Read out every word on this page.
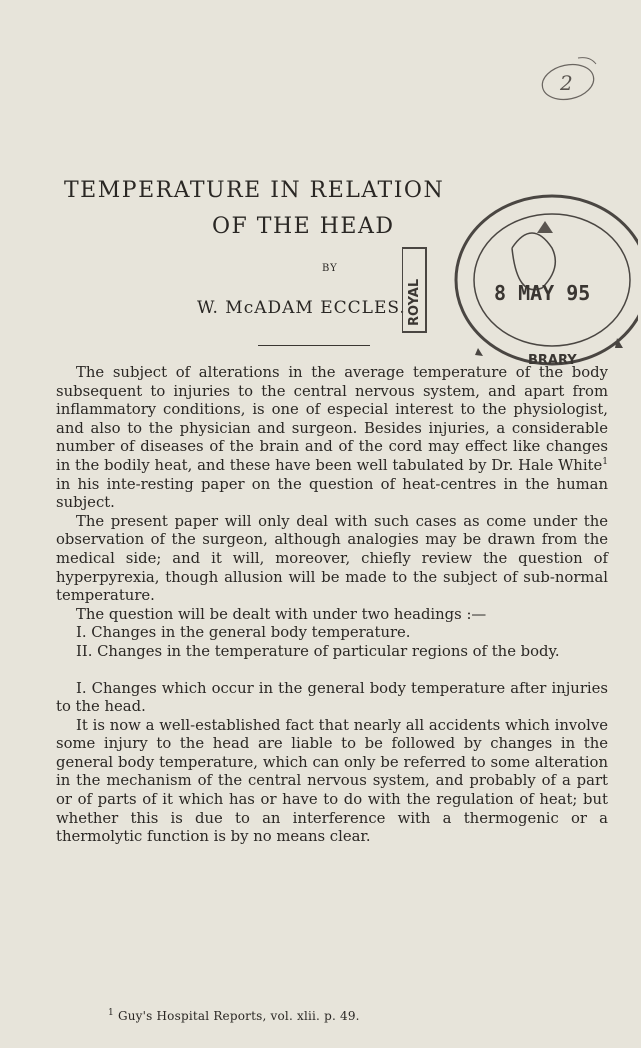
2
TEMPERATURE IN RELATION
OF THE HEAD
BY
W. McADAM ECCLES. ROYAL	8 MAY 95
BRARY

The subject of alterations in the average temperature of the body subsequent to injuries to the central nervous system, and apart from inflammatory conditions, is one of especial interest to the physiologist, and also to the physician and surgeon. Besides injuries, a considerable number of diseases of the brain and of the cord may effect like changes in the bodily heat, and these have been well tabulated by Dr. Hale White$^1$ in his inte-resting paper on the question of heat-centres in the human subject.

The present paper will only deal with such cases as come under the observation of the surgeon, although analogies may be drawn from the medical side; and it will, moreover, chiefly review the question of hyperpyrexia, though allusion will be made to the subject of sub-normal temperature.

The question will be dealt with under two headings :—

I. Changes in the general body temperature.

II. Changes in the temperature of particular regions of the body.

I. Changes which occur in the general body temperature after injuries to the head.

It is now a well-established fact that nearly all accidents which involve some injury to the head are liable to be followed by changes in the general body temperature, which can only be referred to some alteration in the mechanism of the central nervous system, and probably of a part or of parts of it which has or have to do with the regulation of heat; but whether this is due to an interference with a thermogenic or a thermolytic function is by no means clear.

$^1$ Guy's Hospital Reports, vol. xlii. p. 49.
